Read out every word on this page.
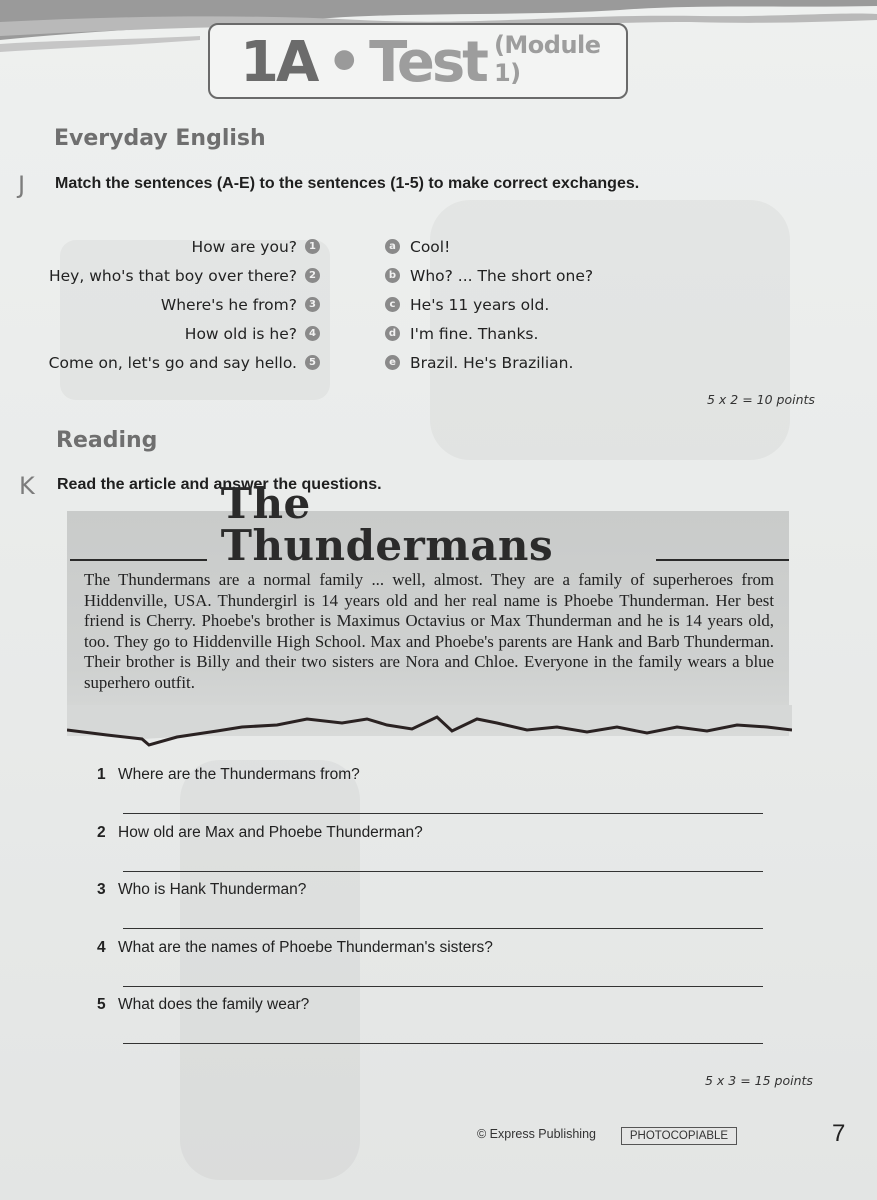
1A • Test (Module 1)
Everyday English
J Match the sentences (A-E) to the sentences (1-5) to make correct exchanges.
How are you?	1
Hey, who's that boy over there?	2
Where's he from?	3
How old is he?	4
Come on, let's go and say hello.	5
a Cool!
b Who? ... The short one?
c He's 11 years old.
d I'm fine. Thanks.
e Brazil. He's Brazilian.
5 x 2 = 10 points
Reading
K Read the article and answer the questions.
The Thundermans
The Thundermans are a normal family ... well, almost. They are a family of superheroes from Hiddenville, USA. Thundergirl is 14 years old and her real name is Phoebe Thunderman. Her best friend is Cherry. Phoebe's brother is Maximus Octavius or Max Thunderman and he is 14 years old, too. They go to Hiddenville High School. Max and Phoebe's parents are Hank and Barb Thunderman. Their brother is Billy and their two sisters are Nora and Chloe. Everyone in the family wears a blue superhero outfit.
1 Where are the Thundermans from?
2 How old are Max and Phoebe Thunderman?
3 Who is Hank Thunderman?
4 What are the names of Phoebe Thunderman's sisters?
5 What does the family wear?
5 x 3 = 15 points
© Express Publishing	PHOTOCOPIABLE	7
